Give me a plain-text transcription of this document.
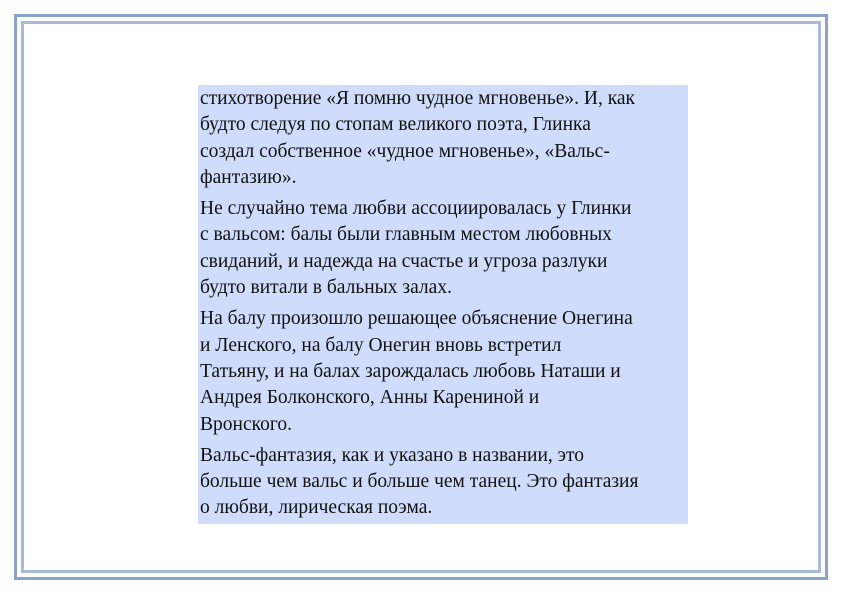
стихотворение «Я помню чудное мгновенье». И, как
будто следуя по стопам великого поэта, Глинка
создал собственное «чудное мгновенье», «Вальс-
фантазию».

Не случайно тема любви ассоциировалась у Глинки
с вальсом: балы были главным местом любовных
свиданий, и надежда на счастье и угроза разлуки
будто витали в бальных залах.

На балу произошло решающее объяснение Онегина
и Ленского, на балу Онегин вновь встретил
Татьяну, и на балах зарождалась любовь Наташи и
Андрея Болконского, Анны Карениной и
Вронского.

Вальс-фантазия, как и указано в названии, это
больше чем вальс и больше чем танец. Это фантазия
о любви, лирическая поэма.
